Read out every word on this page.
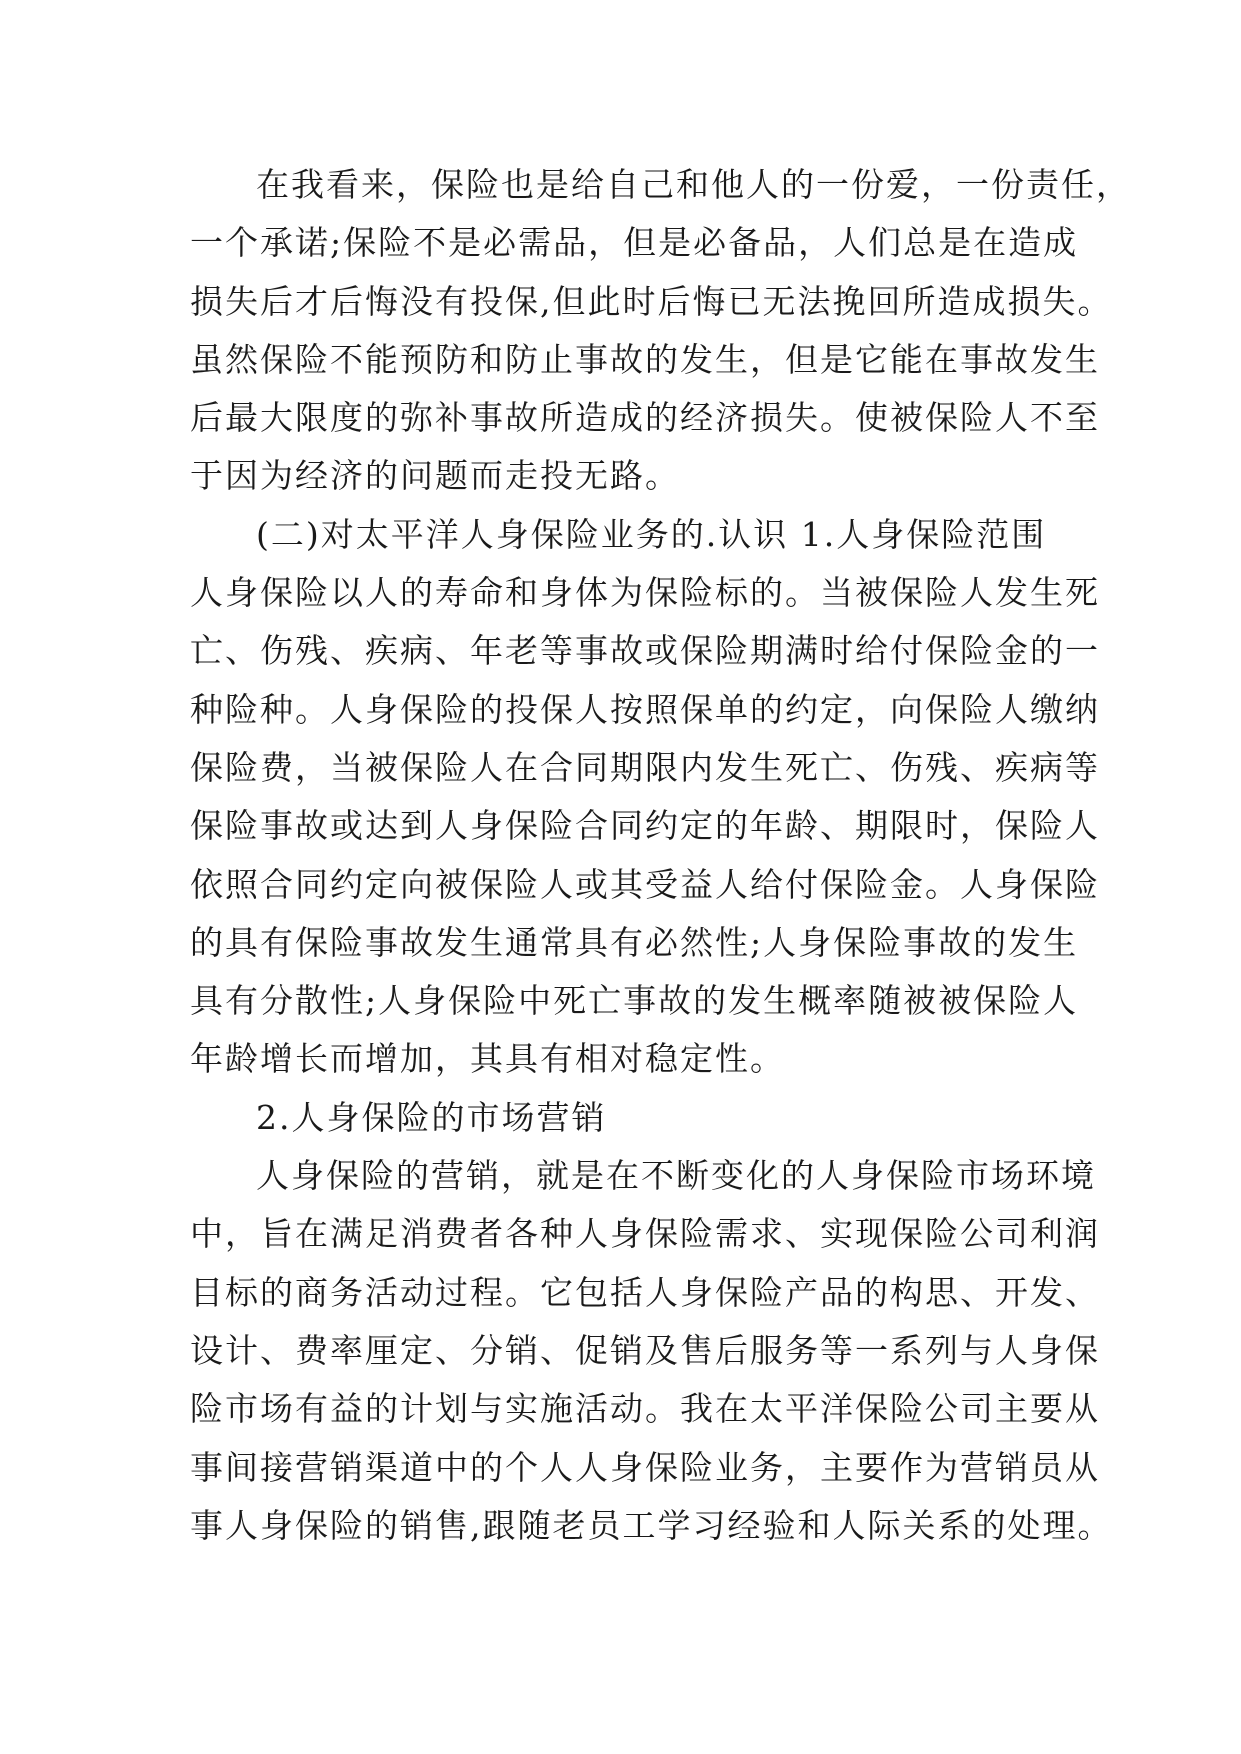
在我看来，保险也是给自己和他人的一份爱，一份责任，
一个承诺;保险不是必需品，但是必备品，人们总是在造成
损失后才后悔没有投保,但此时后悔已无法挽回所造成损失。
虽然保险不能预防和防止事故的发生，但是它能在事故发生
后最大限度的弥补事故所造成的经济损失。使被保险人不至
于因为经济的问题而走投无路。
(二)对太平洋人身保险业务的.认识 1.人身保险范围
人身保险以人的寿命和身体为保险标的。当被保险人发生死
亡、伤残、疾病、年老等事故或保险期满时给付保险金的一
种险种。人身保险的投保人按照保单的约定，向保险人缴纳
保险费，当被保险人在合同期限内发生死亡、伤残、疾病等
保险事故或达到人身保险合同约定的年龄、期限时，保险人
依照合同约定向被保险人或其受益人给付保险金。人身保险
的具有保险事故发生通常具有必然性;人身保险事故的发生
具有分散性;人身保险中死亡事故的发生概率随被被保险人
年龄增长而增加，其具有相对稳定性。
2.人身保险的市场营销
人身保险的营销，就是在不断变化的人身保险市场环境
中，旨在满足消费者各种人身保险需求、实现保险公司利润
目标的商务活动过程。它包括人身保险产品的构思、开发、
设计、费率厘定、分销、促销及售后服务等一系列与人身保
险市场有益的计划与实施活动。我在太平洋保险公司主要从
事间接营销渠道中的个人人身保险业务，主要作为营销员从
事人身保险的销售,跟随老员工学习经验和人际关系的处理。
